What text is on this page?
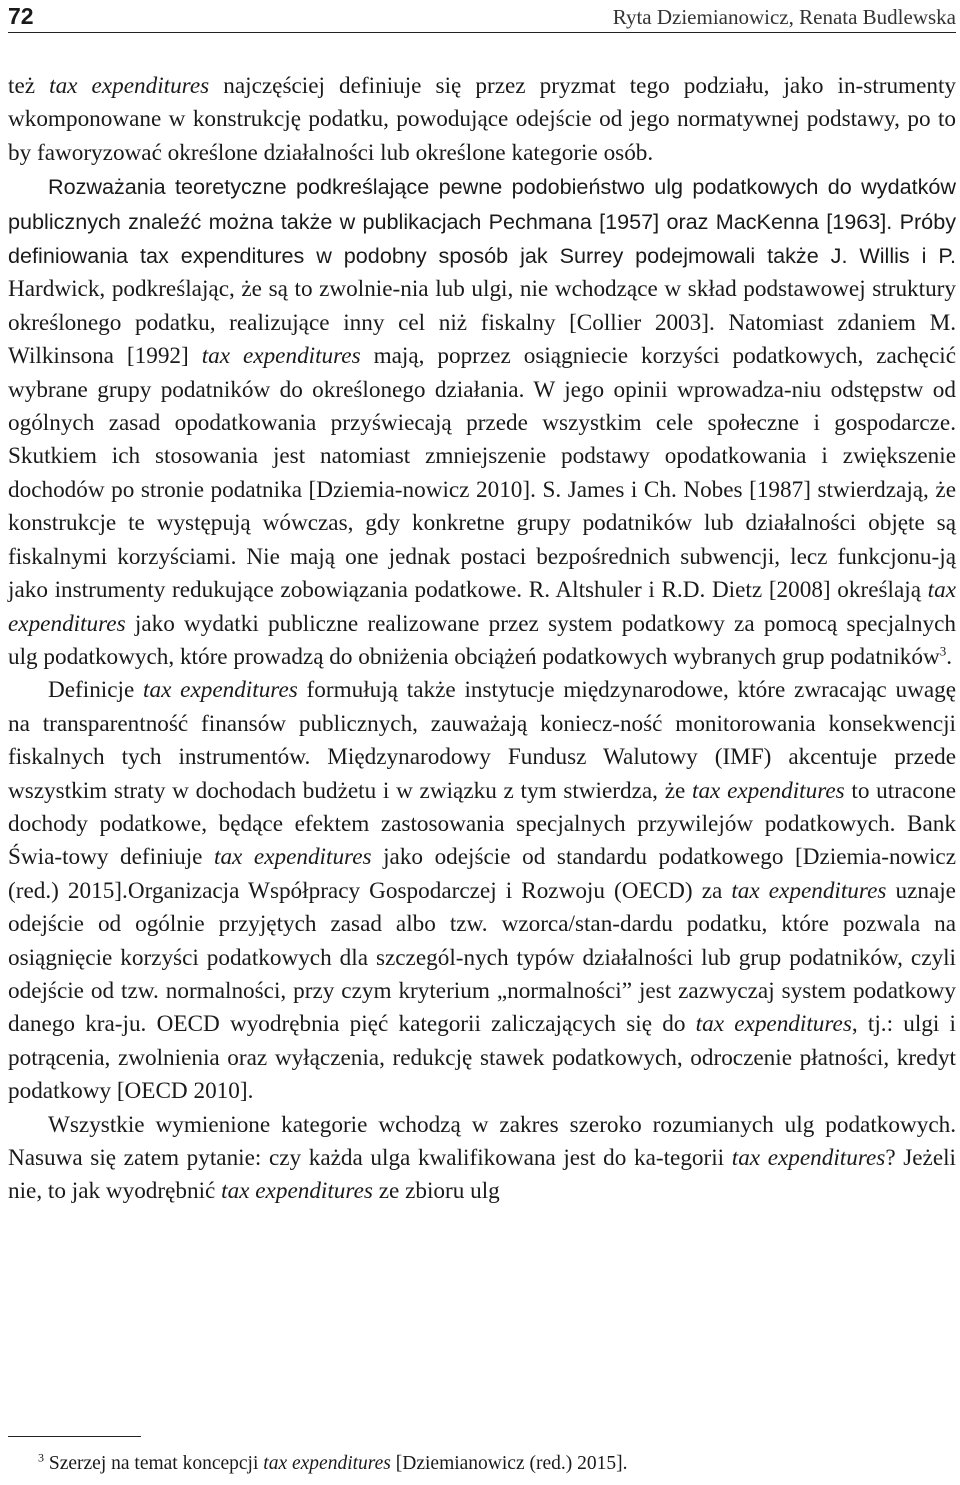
72	Ryta Dziemianowicz, Renata Budlewska

też tax expenditures najczęściej definiuje się przez pryzmat tego podziału, jako in-strumenty wkomponowane w konstrukcję podatku, powodujące odejście od jego normatywnej podstawy, po to by faworyzować określone działalności lub określone kategorie osób.

Rozważania teoretyczne podkreślające pewne podobieństwo ulg podatkowych do wydatków publicznych znaleźć można także w publikacjach Pechmana [1957] oraz MacKenna [1963]. Próby definiowania tax expenditures w podobny sposób jak Surrey podejmowali także J. Willis i P. Hardwick, podkreślając, że są to zwolnie-nia lub ulgi, nie wchodzące w skład podstawowej struktury określonego podatku, realizujące inny cel niż fiskalny [Collier 2003]. Natomiast zdaniem M. Wilkinsona [1992] tax expenditures mają, poprzez osiągniecie korzyści podatkowych, zachęcić wybrane grupy podatników do określonego działania. W jego opinii wprowadza-niu odstępstw od ogólnych zasad opodatkowania przyświecają przede wszystkim cele społeczne i gospodarcze. Skutkiem ich stosowania jest natomiast zmniejszenie podstawy opodatkowania i zwiększenie dochodów po stronie podatnika [Dziemia-nowicz 2010]. S. James i Ch. Nobes [1987] stwierdzają, że konstrukcje te występują wówczas, gdy konkretne grupy podatników lub działalności objęte są fiskalnymi korzyściami. Nie mają one jednak postaci bezpośrednich subwencji, lecz funkcjonu-ją jako instrumenty redukujące zobowiązania podatkowe. R. Altshuler i R.D. Dietz [2008] określają tax expenditures jako wydatki publiczne realizowane przez system podatkowy za pomocą specjalnych ulg podatkowych, które prowadzą do obniżenia obciążeń podatkowych wybranych grup podatników$^3$.

Definicje tax expenditures formułują także instytucje międzynarodowe, które zwracając uwagę na transparentność finansów publicznych, zauważają koniecz-ność monitorowania konsekwencji fiskalnych tych instrumentów. Międzynarodowy Fundusz Walutowy (IMF) akcentuje przede wszystkim straty w dochodach budżetu i w związku z tym stwierdza, że tax expenditures to utracone dochody podatkowe, będące efektem zastosowania specjalnych przywilejów podatkowych. Bank Świa-towy definiuje tax expenditures jako odejście od standardu podatkowego [Dziemia-nowicz (red.) 2015].Organizacja Współpracy Gospodarczej i Rozwoju (OECD) za tax expenditures uznaje odejście od ogólnie przyjętych zasad albo tzw. wzorca/stan-dardu podatku, które pozwala na osiągnięcie korzyści podatkowych dla szczegól-nych typów działalności lub grup podatników, czyli odejście od tzw. normalności, przy czym kryterium „normalności” jest zazwyczaj system podatkowy danego kra-ju. OECD wyodrębnia pięć kategorii zaliczających się do tax expenditures, tj.: ulgi i potrącenia, zwolnienia oraz wyłączenia, redukcję stawek podatkowych, odroczenie płatności, kredyt podatkowy [OECD 2010].

Wszystkie wymienione kategorie wchodzą w zakres szeroko rozumianych ulg podatkowych. Nasuwa się zatem pytanie: czy każda ulga kwalifikowana jest do ka-tegorii tax expenditures? Jeżeli nie, to jak wyodrębnić tax expenditures ze zbioru ulg

$^3$ Szerzej na temat koncepcji tax expenditures [Dziemianowicz (red.) 2015].
